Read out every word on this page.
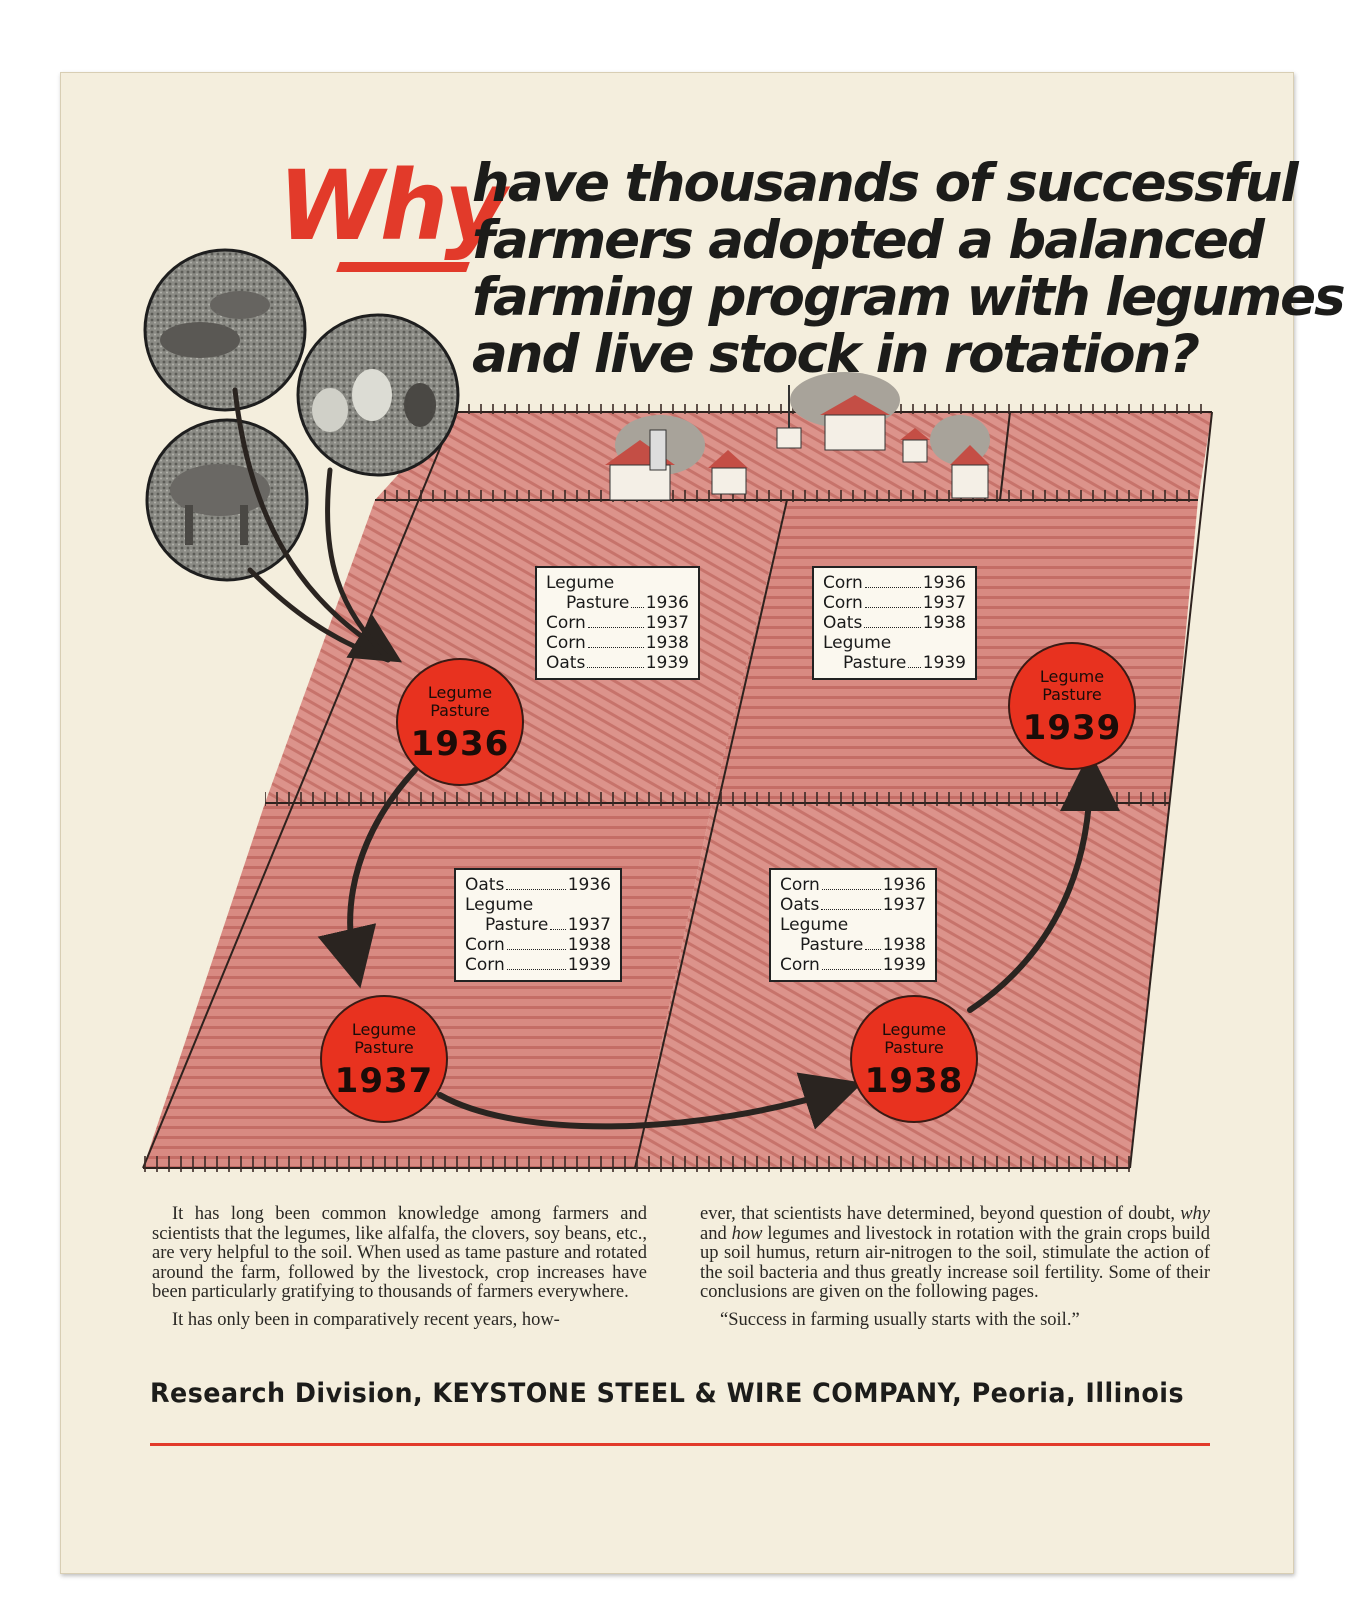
Why
have thousands of successful
farmers adopted a balanced
farming program with legumes
and live stock in rotation?
Legume
Pasture 1936
Corn	1937
Corn	1938
Oats	1939
Corn	1936
Corn	1937
Oats	1938
Legume
Pasture 1939
Oats	1936
Legume
Pasture 1937
Corn	1938
Corn	1939
Corn	1936
Oats	1937
Legume
Pasture 1938
Corn	1939
Legume
Pasture
1936
Legume
Pasture
1939
Legume
Pasture
1937
Legume
Pasture
1938

It has long been common knowledge among farmers and scientists that the legumes, like alfalfa, the clovers, soy beans, etc., are very helpful to the soil. When used as tame pasture and rotated around the farm, followed by the livestock, crop increases have been particularly gratifying to thousands of farmers everywhere.

It has only been in comparatively recent years, how-

ever, that scientists have determined, beyond question of doubt, why and how legumes and livestock in rotation with the grain crops build up soil humus, return air-nitrogen to the soil, stimulate the action of the soil bacteria and thus greatly increase soil fertility. Some of their conclusions are given on the following pages.

“Success in farming usually starts with the soil.”

Research Division, KEYSTONE STEEL & WIRE COMPANY, Peoria, Illinois
